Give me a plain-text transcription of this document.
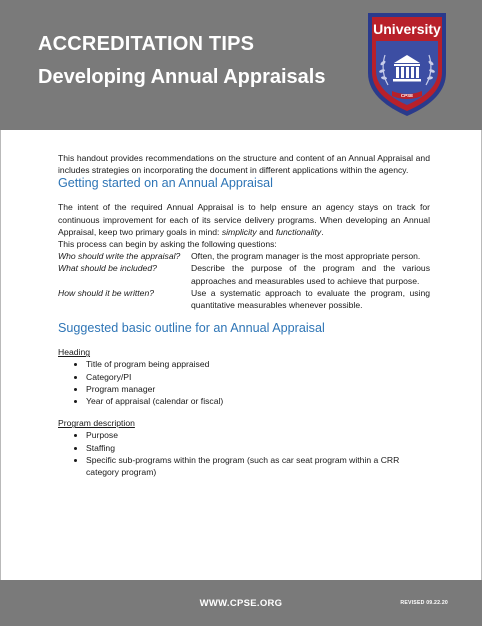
ACCREDITATION TIPS
Developing Annual Appraisals
University
CPSE

This handout provides recommendations on the structure and content of an Annual Appraisal and includes strategies on incorporating the document in different applications within the agency.

Getting started on an Annual Appraisal

The intent of the required Annual Appraisal is to help ensure an agency stays on track for continuous improvement for each of its service delivery programs. When developing an Annual Appraisal, keep two primary goals in mind: simplicity and functionality.

This process can begin by asking the following questions:

Who should write the appraisal?	Often, the program manager is the most appropriate person.
What should be included?	Describe the purpose of the program and the various approaches and measurables used to achieve that purpose.
How should it be written?	Use a systematic approach to evaluate the program, using quantitative measurables whenever possible.
Suggested basic outline for an Annual Appraisal
Heading
• Title of program being appraised
• Category/PI
• Program manager
• Year of appraisal (calendar or fiscal)
Program description
• Purpose
• Staffing
• Specific sub-programs within the program (such as car seat program within a CRR category program)
WWW.CPSE.ORG	REVISED 09.22.20
